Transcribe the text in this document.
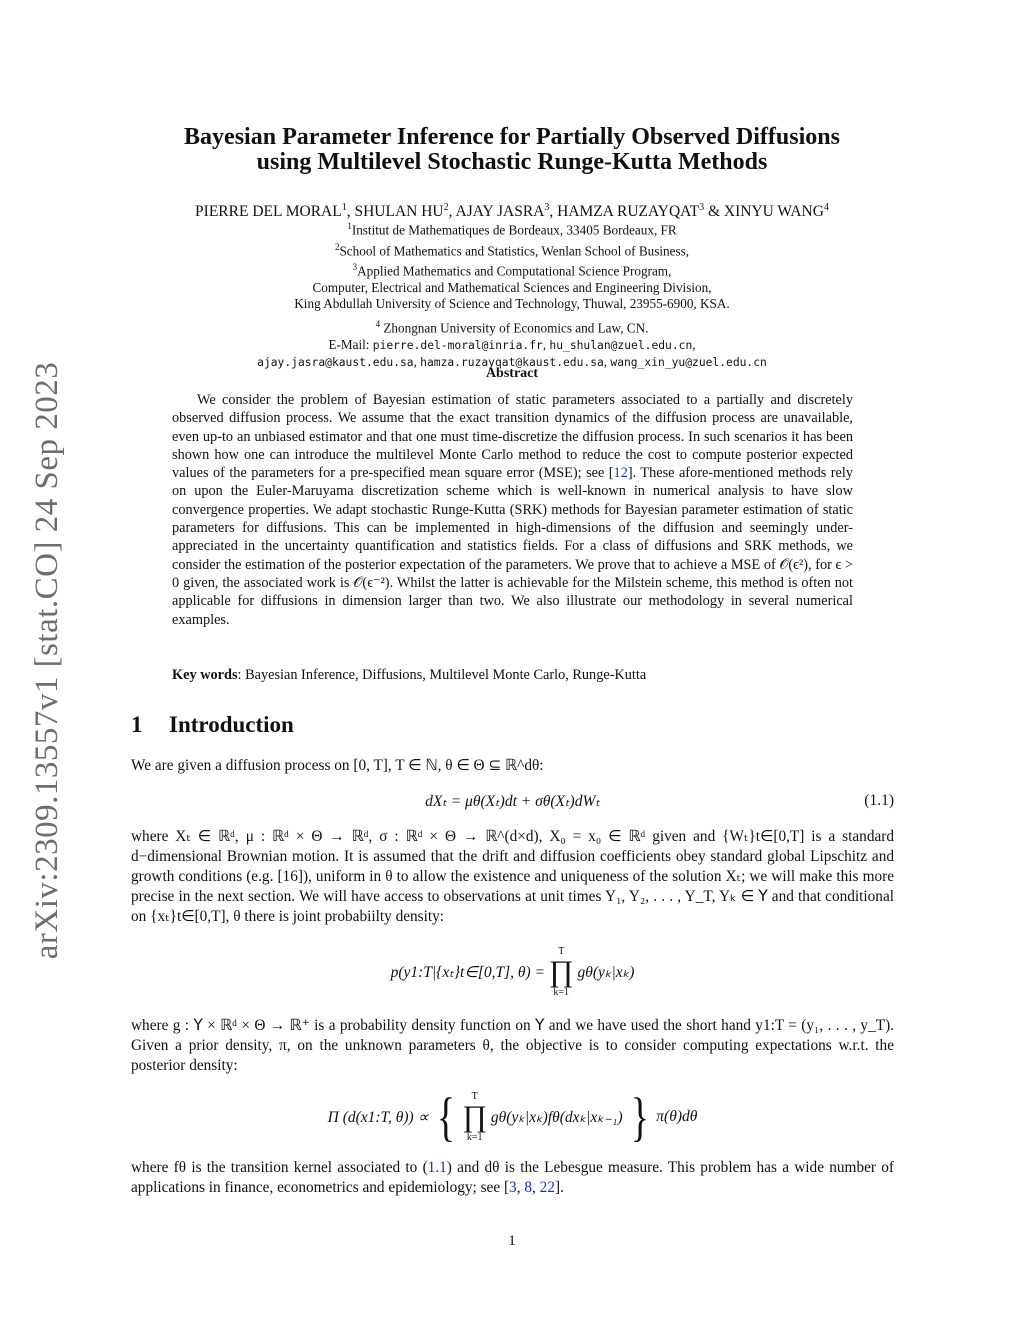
arXiv:2309.13557v1 [stat.CO] 24 Sep 2023
Bayesian Parameter Inference for Partially Observed Diffusions
using Multilevel Stochastic Runge-Kutta Methods
PIERRE DEL MORAL$^1$, SHULAN $HU^2$, AJAY JASRA$^3$, HAMZA RUZAYQAT$^3$ & XINYU WANG$^4$
$^1$Institut de Mathematiques de Bordeaux, 33405 Bordeaux, FR
$^2$School of Mathematics and Statistics, Wenlan School of Business,
$^3$Applied Mathematics and Computational Science Program,
Computer, Electrical and Mathematical Sciences and Engineering Division,
King Abdullah University of Science and Technology, Thuwal, 23955-6900, KSA.
$^4$ Zhongnan University of Economics and Law, CN.
E-Mail: pierre.del-moral@inria.fr, hu_shulan@zuel.edu.cn,
ajay.jasra@kaust.edu.sa, hamza.ruzayqat@kaust.edu.sa, wang_xin_yu@zuel.edu.cn
Abstract

We consider the problem of Bayesian estimation of static parameters associated to a partially and discretely observed diffusion process. We assume that the exact transition dynamics of the diffusion process are unavailable, even up-to an unbiased estimator and that one must time-discretize the diffusion process. In such scenarios it has been shown how one can introduce the multilevel Monte Carlo method to reduce the cost to compute posterior expected values of the parameters for a pre-specified mean square error (MSE); see [12]. These afore-mentioned methods rely on upon the Euler-Maruyama discretization scheme which is well-known in numerical analysis to have slow convergence properties. We adapt stochastic Runge-Kutta (SRK) methods for Bayesian parameter estimation of static parameters for diffusions. This can be implemented in high-dimensions of the diffusion and seemingly under-appreciated in the uncertainty quantification and statistics fields. For a class of diffusions and SRK methods, we consider the estimation of the posterior expectation of the parameters. We prove that to achieve a MSE of 𝒪(ϵ²), for ϵ > 0 given, the associated work is 𝒪(ϵ⁻²). Whilst the latter is achievable for the Milstein scheme, this method is often not applicable for diffusions in dimension larger than two. We also illustrate our methodology in several numerical examples.

Key words: Bayesian Inference, Diffusions, Multilevel Monte Carlo, Runge-Kutta
1 Introduction

We are given a diffusion process on [0, T], T ∈ ℕ, θ ∈ Θ ⊆ ℝ^dθ:

dXₜ = μθ(Xₜ)dt + σθ(Xₜ)dWₜ	(1.1)

where Xₜ ∈ ℝᵈ, μ : ℝᵈ × Θ → ℝᵈ, σ : ℝᵈ × Θ → ℝ^(d×d), X₀ = x₀ ∈ ℝᵈ given and {Wₜ}t∈[0,T] is a standard d−dimensional Brownian motion. It is assumed that the drift and diffusion coefficients obey standard global Lipschitz and growth conditions (e.g. [16]), uniform in θ to allow the existence and uniqueness of the solution Xₜ; we will make this more precise in the next section. We will have access to observations at unit times Y₁, Y₂, . . . , Y_T, Yₖ ∈ 𝖸 and that conditional on {xₜ}t∈[0,T], θ there is joint probabiilty density:

p(y1:T|{xₜ}t∈[0,T], θ) =
T
∏
k=1
gθ(yₖ|xₖ)

where g : 𝖸 × ℝᵈ × Θ → ℝ⁺ is a probability density function on 𝖸 and we have used the short hand y1:T = (y₁, . . . , y_T). Given a prior density, π, on the unknown parameters θ, the objective is to consider computing expectations w.r.t. the posterior density:

Π (d(x1:T, θ)) ∝ {	T
∏
k=1
gθ(yₖ|xₖ)fθ(dxₖ|xₖ₋₁) } π(θ)dθ

where fθ is the transition kernel associated to (1.1) and dθ is the Lebesgue measure. This problem has a wide number of applications in finance, econometrics and epidemiology; see [3, 8, 22].

1
